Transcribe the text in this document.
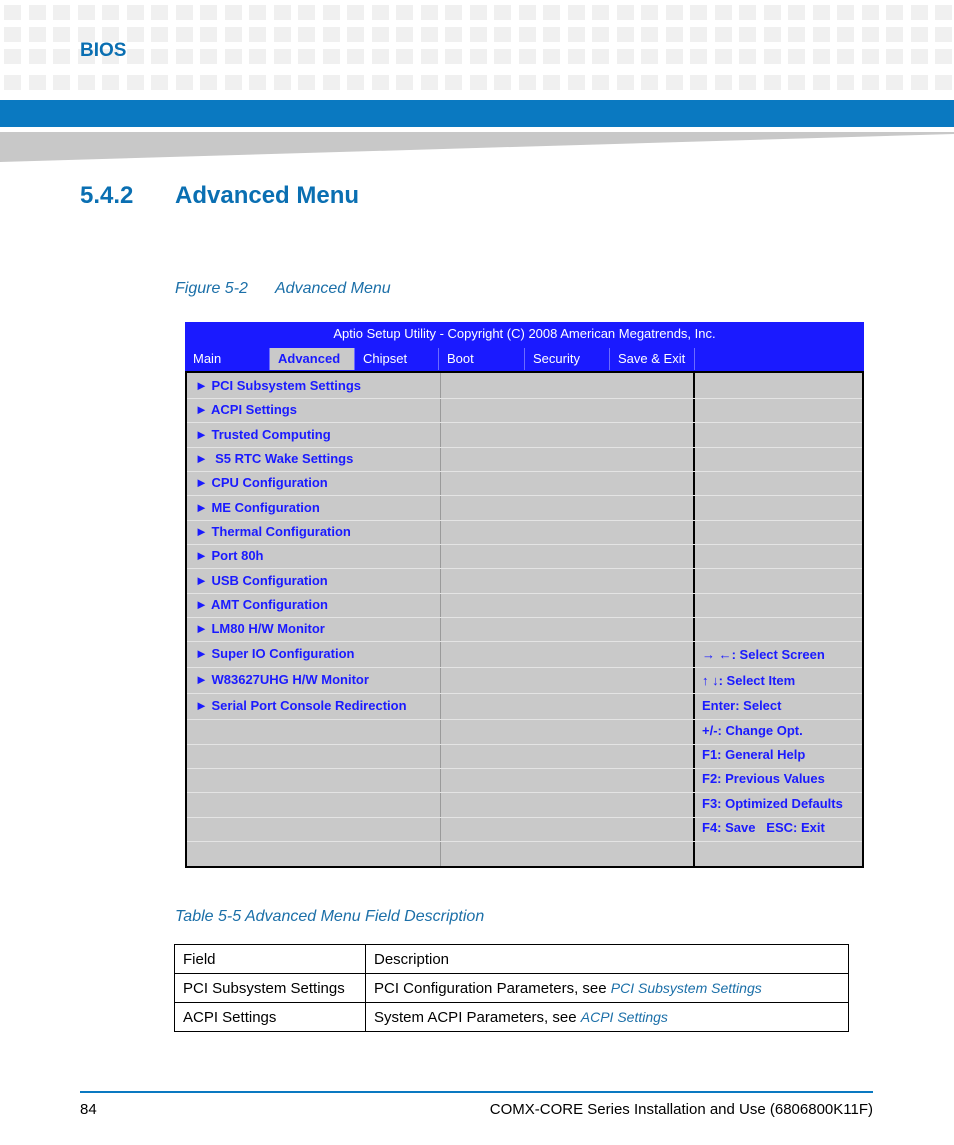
BIOS
5.4.2 Advanced Menu
Figure 5-2 Advanced Menu
Aptio Setup Utility - Copyright (C) 2008 American Megatrends, Inc.
Main	Advanced	Chipset	Boot	Security	Save & Exit
► PCI Subsystem Settings
► ACPI Settings
► Trusted Computing
►  S5 RTC Wake Settings
► CPU Configuration
► ME Configuration
► Thermal Configuration
► Port 80h
► USB Configuration
► AMT Configuration
► LM80 H/W Monitor
► Super IO Configuration
► W83627UHG H/W Monitor
► Serial Port Console Redirection
→ ←: Select Screen
↑ ↓: Select Item
Enter: Select
+/-: Change Opt.
F1: General Help
F2: Previous Values
F3: Optimized Defaults
F4: Save   ESC: Exit
Table 5-5 Advanced Menu Field Description
Field	Description
PCI Subsystem Settings	PCI Configuration Parameters, see PCI Subsystem Settings
ACPI Settings	System ACPI Parameters, see ACPI Settings
84	COMX-CORE Series Installation and Use (6806800K11F)
